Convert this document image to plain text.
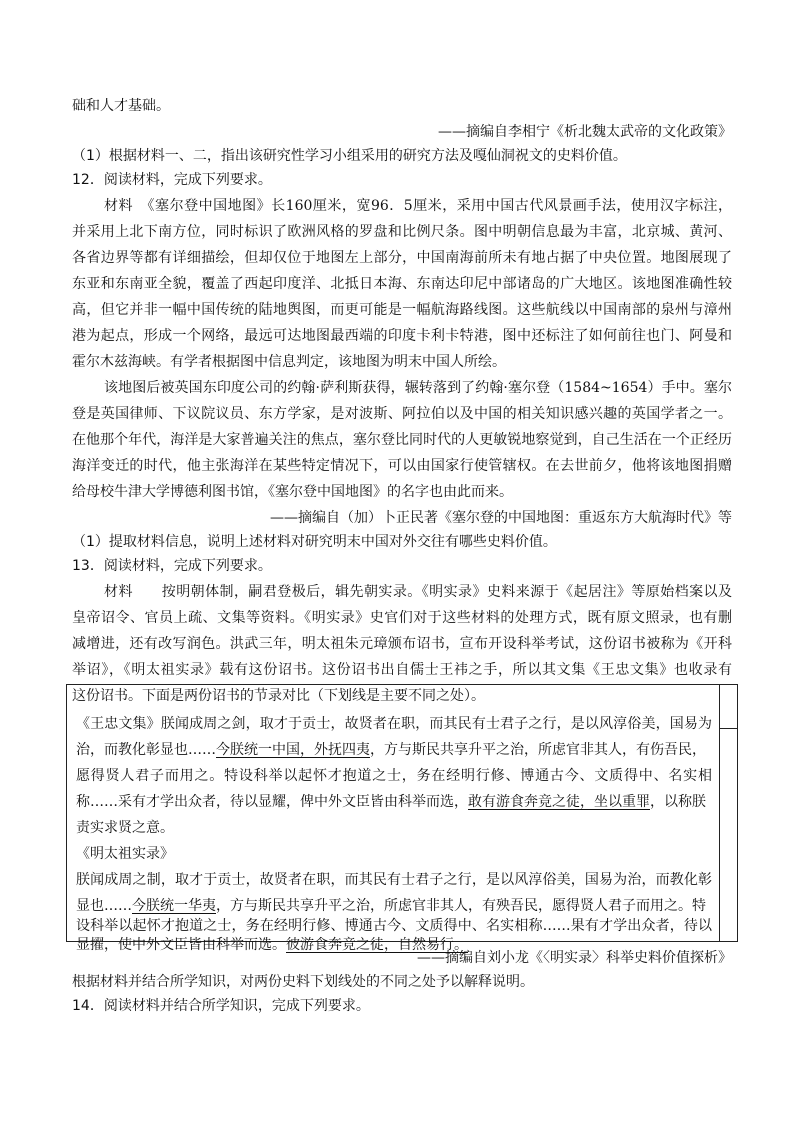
础和人才基础。
——摘编自李相宁《析北魏太武帝的文化政策》
（1）根据材料一、二，指出该研究性学习小组采用的研究方法及嘎仙洞祝文的史料价值。
12．阅读材料，完成下列要求。
材料　《塞尔登中国地图》长160厘米，宽96．5厘米，采用中国古代风景画手法，使用汉字标注，
并采用上北下南方位，同时标识了欧洲风格的罗盘和比例尺条。图中明朝信息最为丰富，北京城、黄河、
各省边界等都有详细描绘，但却仅位于地图左上部分，中国南海前所未有地占据了中央位置。地图展现了
东亚和东南亚全貌，覆盖了西起印度洋、北抵日本海、东南达印尼中部诸岛的广大地区。该地图准确性较
高，但它并非一幅中国传统的陆地舆图，而更可能是一幅航海路线图。这些航线以中国南部的泉州与漳州
港为起点，形成一个网络，最远可达地图最西端的印度卡利卡特港，图中还标注了如何前往也门、阿曼和
霍尔木兹海峡。有学者根据图中信息判定，该地图为明末中国人所绘。
该地图后被英国东印度公司的约翰·萨利斯获得，辗转落到了约翰·塞尔登（1584~1654）手中。塞尔
登是英国律师、下议院议员、东方学家，是对波斯、阿拉伯以及中国的相关知识感兴趣的英国学者之一。
在他那个年代，海洋是大家普遍关注的焦点，塞尔登比同时代的人更敏锐地察觉到，自己生活在一个正经历
海洋变迁的时代，他主张海洋在某些特定情况下，可以由国家行使管辖权。在去世前夕，他将该地图捐赠
给母校牛津大学博德利图书馆，《塞尔登中国地图》的名字也由此而来。
——摘编自（加）卜正民著《塞尔登的中国地图：重返东方大航海时代》等
（1）提取材料信息，说明上述材料对研究明末中国对外交往有哪些史料价值。
13．阅读材料，完成下列要求。
材料　　按明朝体制，嗣君登极后，辑先朝实录。《明实录》史料来源于《起居注》等原始档案以及
皇帝诏令、官员上疏、文集等资料。《明实录》史官们对于这些材料的处理方式，既有原文照录，也有删
减增进，还有改写润色。洪武三年，明太祖朱元璋颁布诏书，宣布开设科举考试，这份诏书被称为《开科
举诏》，《明太祖实录》载有这份诏书。这份诏书出自儒士王祎之手，所以其文集《王忠文集》也收录有
这份诏书。下面是两份诏书的节录对比（下划线是主要不同之处）。
《王忠文集》朕闻成周之剑，取才于贡士，故贤者在职，而其民有士君子之行，是以风淳俗美，国易为
治，而教化彰显也……今朕统一中国，外抚四夷，方与斯民共享升平之治，所虑官非其人，有伤吾民，
愿得贤人君子而用之。特设科举以起怀才抱道之士，务在经明行修、博通古今、文质得中、名实相
称……采有才学出众者，待以显耀，俾中外文臣皆由科举而选，敢有游食奔竞之徒，坐以重罪，以称朕
责实求贤之意。
《明太祖实录》
朕闻成周之制，取才于贡士，故贤者在职，而其民有士君子之行，是以风淳俗美，国易为治，而教化彰
显也……今朕统一华夷，方与斯民共享升平之治，所虑官非其人，有殃吾民，愿得贤人君子而用之。特
设科举以起怀才抱道之士，务在经明行修、博通古今、文质得中、名实相称……果有才学出众者，待以
显擢，使中外文臣皆由科举而选。彼游食奔竞之徒，自然易行。
——摘编自刘小龙《〈明实录〉科举史料价值探析》
根据材料并结合所学知识，对两份史料下划线处的不同之处予以解释说明。
14．阅读材料并结合所学知识，完成下列要求。
